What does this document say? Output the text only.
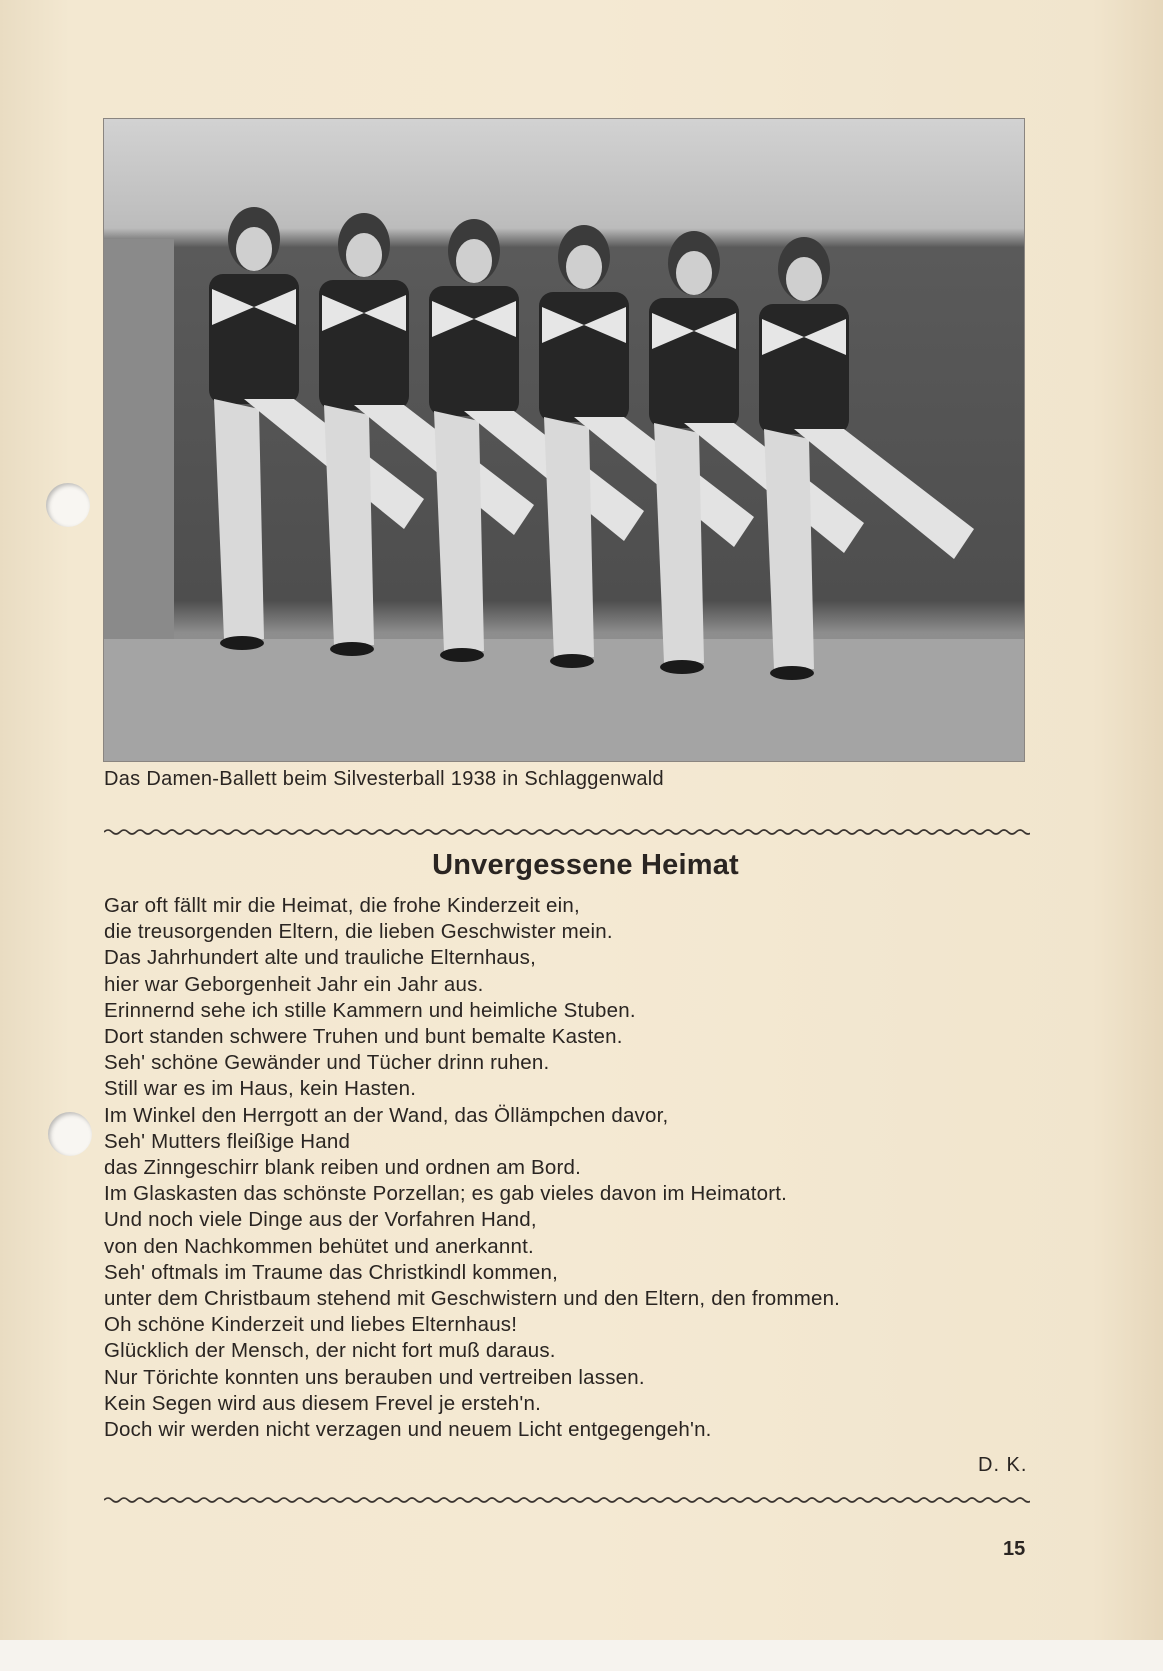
Das Damen-Ballett beim Silvesterball 1938 in Schlaggenwald
Unvergessene Heimat
Gar oft fällt mir die Heimat, die frohe Kinderzeit ein,
die treusorgenden Eltern, die lieben Geschwister mein.
Das Jahrhundert alte und trauliche Elternhaus,
hier war Geborgenheit Jahr ein Jahr aus.
Erinnernd sehe ich stille Kammern und heimliche Stuben.
Dort standen schwere Truhen und bunt bemalte Kasten.
Seh' schöne Gewänder und Tücher drinn ruhen.
Still war es im Haus, kein Hasten.
Im Winkel den Herrgott an der Wand, das Öllämpchen davor,
Seh' Mutters fleißige Hand
das Zinngeschirr blank reiben und ordnen am Bord.
Im Glaskasten das schönste Porzellan; es gab vieles davon im Heimatort.
Und noch viele Dinge aus der Vorfahren Hand,
von den Nachkommen behütet und anerkannt.
Seh' oftmals im Traume das Christkindl kommen,
unter dem Christbaum stehend mit Geschwistern und den Eltern, den frommen.
Oh schöne Kinderzeit und liebes Elternhaus!
Glücklich der Mensch, der nicht fort muß daraus.
Nur Törichte konnten uns berauben und vertreiben lassen.
Kein Segen wird aus diesem Frevel je ersteh'n.
Doch wir werden nicht verzagen und neuem Licht entgegengeh'n.
D. K.
15
